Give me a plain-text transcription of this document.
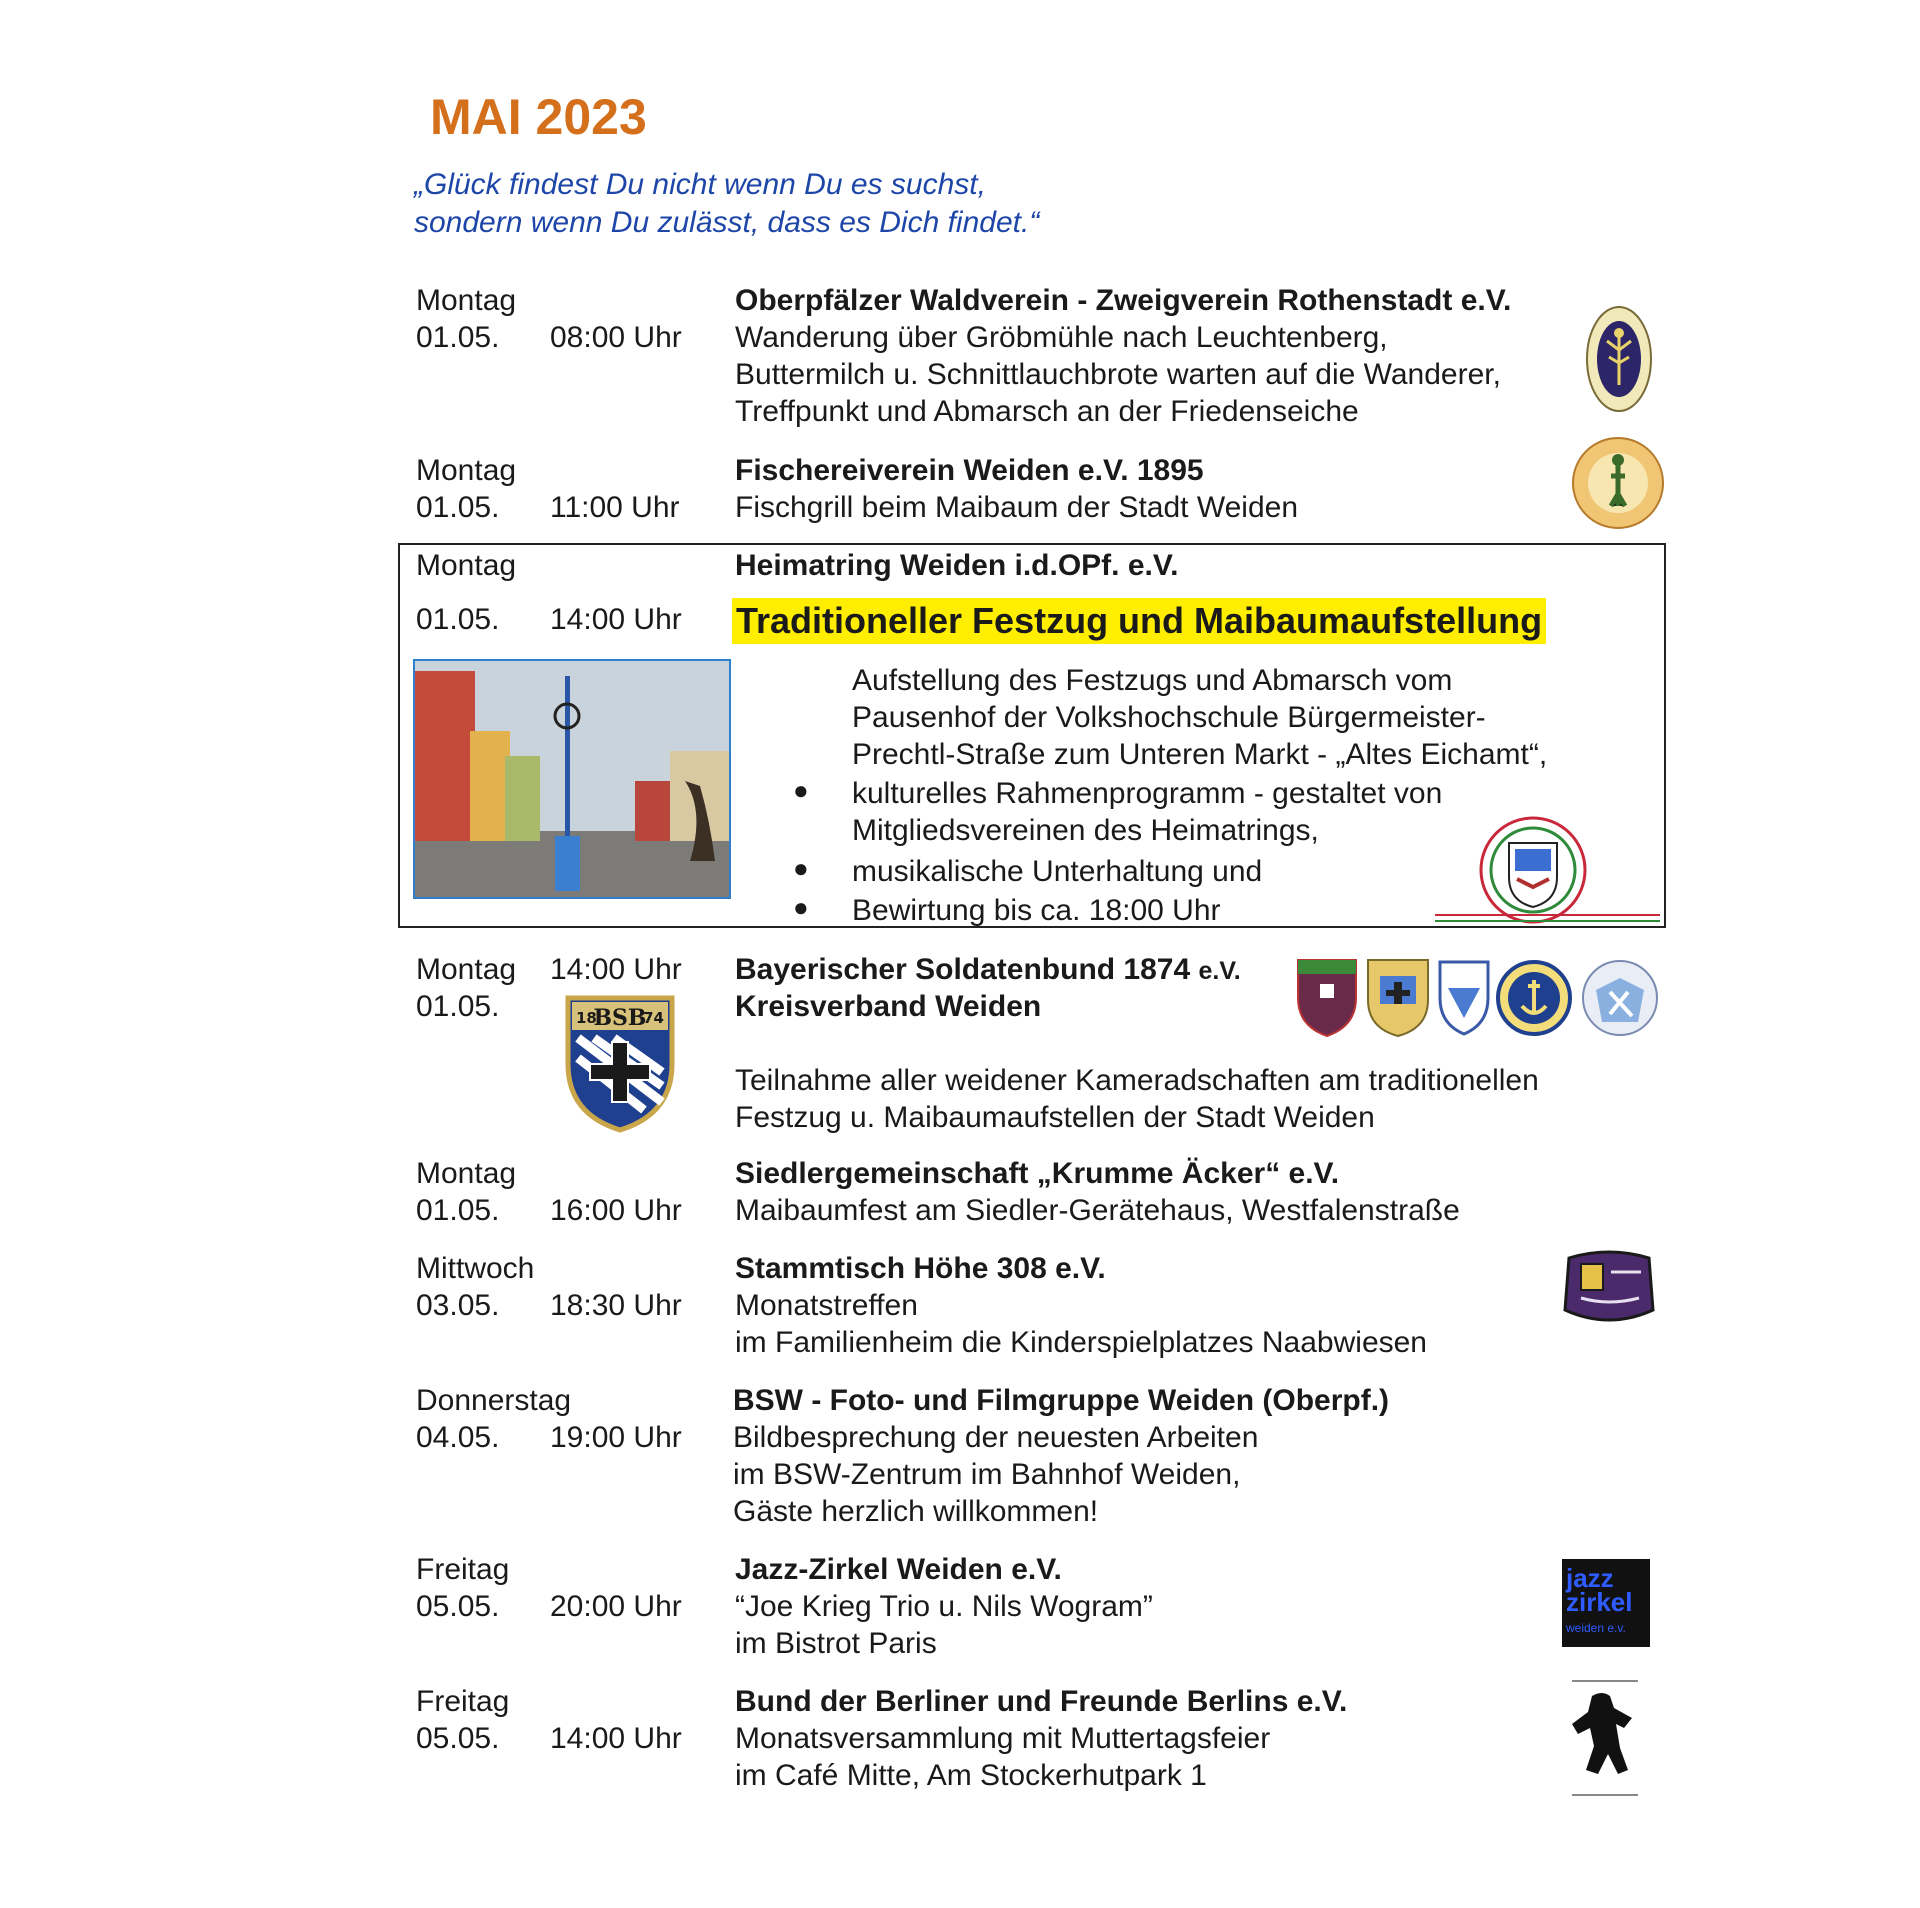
MAI 2023
„Glück findest Du nicht wenn Du es suchst,
sondern wenn Du zulässt, dass es Dich findet.“
Montag
01.05. 08:00 Uhr
Oberpfälzer Waldverein - Zweigverein Rothenstadt e.V.
Wanderung über Gröbmühle nach Leuchtenberg,
Buttermilch u. Schnittlauchbrote warten auf die Wanderer,
Treffpunkt und Abmarsch an der Friedenseiche
Montag
01.05. 11:00 Uhr
Fischereiverein Weiden e.V. 1895
Fischgrill beim Maibaum der Stadt Weiden
Montag
01.05. 14:00 Uhr
Heimatring Weiden i.d.OPf. e.V.
Traditioneller Festzug und Maibaumaufstellung
Aufstellung des Festzugs und Abmarsch vom
Pausenhof der Volkshochschule Bürgermeister-
Prechtl-Straße zum Unteren Markt - „Altes Eichamt“,
● kulturelles Rahmenprogramm - gestaltet von
Mitgliedsvereinen des Heimatrings,
● musikalische Unterhaltung und
● Bewirtung bis ca. 18:00 Uhr
Montag 14:00 Uhr
01.05.
Bayerischer Soldatenbund 1874 e.V.
Kreisverband Weiden
Teilnahme aller weidener Kameradschaften am traditionellen
Festzug u. Maibaumaufstellen der Stadt Weiden
18
BSB
74
Montag
01.05. 16:00 Uhr
Siedlergemeinschaft „Krumme Äcker“ e.V.
Maibaumfest am Siedler-Gerätehaus, Westfalenstraße
Mittwoch
03.05. 18:30 Uhr
Stammtisch Höhe 308 e.V.
Monatstreffen
im Familienheim die Kinderspielplatzes Naabwiesen
Donnerstag
04.05. 19:00 Uhr
BSW - Foto- und Filmgruppe Weiden (Oberpf.)
Bildbesprechung der neuesten Arbeiten
im BSW-Zentrum im Bahnhof Weiden,
Gäste herzlich willkommen!
Freitag
05.05. 20:00 Uhr
Jazz-Zirkel Weiden e.V.
“Joe Krieg Trio u. Nils Wogram”
im Bistrot Paris
jazz
zirkel
weiden e.v.
Freitag
05.05. 14:00 Uhr
Bund der Berliner und Freunde Berlins e.V.
Monatsversammlung mit Muttertagsfeier
im Café Mitte, Am Stockerhutpark 1
